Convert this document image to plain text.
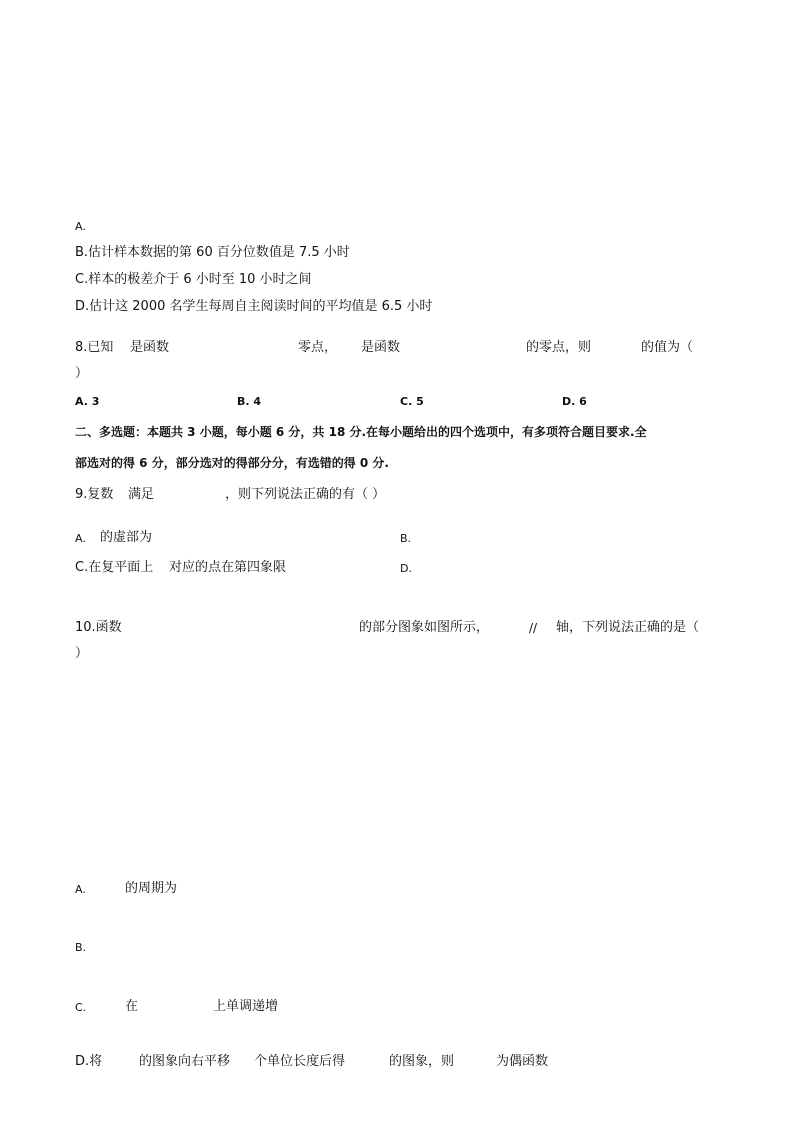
A.
B.估计样本数据的第 60 百分位数值是 7.5 小时
C.样本的极差介于 6 小时至 10 小时之间
D.估计这 2000 名学生每周自主阅读时间的平均值是 6.5 小时
8.已知 是函数	零点， 是函数	的零点，则	的值为（
）
A. 3	B. 4	C. 5	D. 6
二、多选题：本题共 3 小题，每小题 6 分，共 18 分.在每小题给出的四个选项中，有多项符合题目要求.全
部选对的得 6 分，部分选对的得部分分，有选错的得 0 分.
9.复数 满足	，则下列说法正确的有（ ）
A. 的虚部为	B.
C.在复平面上 对应的点在第四象限	D.
10.函数	的部分图象如图所示，	// 轴，下列说法正确的是（
）
A.	的周期为
B.
C.	在	上单调递增
D.将	的图象向右平移 个单位长度后得	的图象，则	为偶函数
